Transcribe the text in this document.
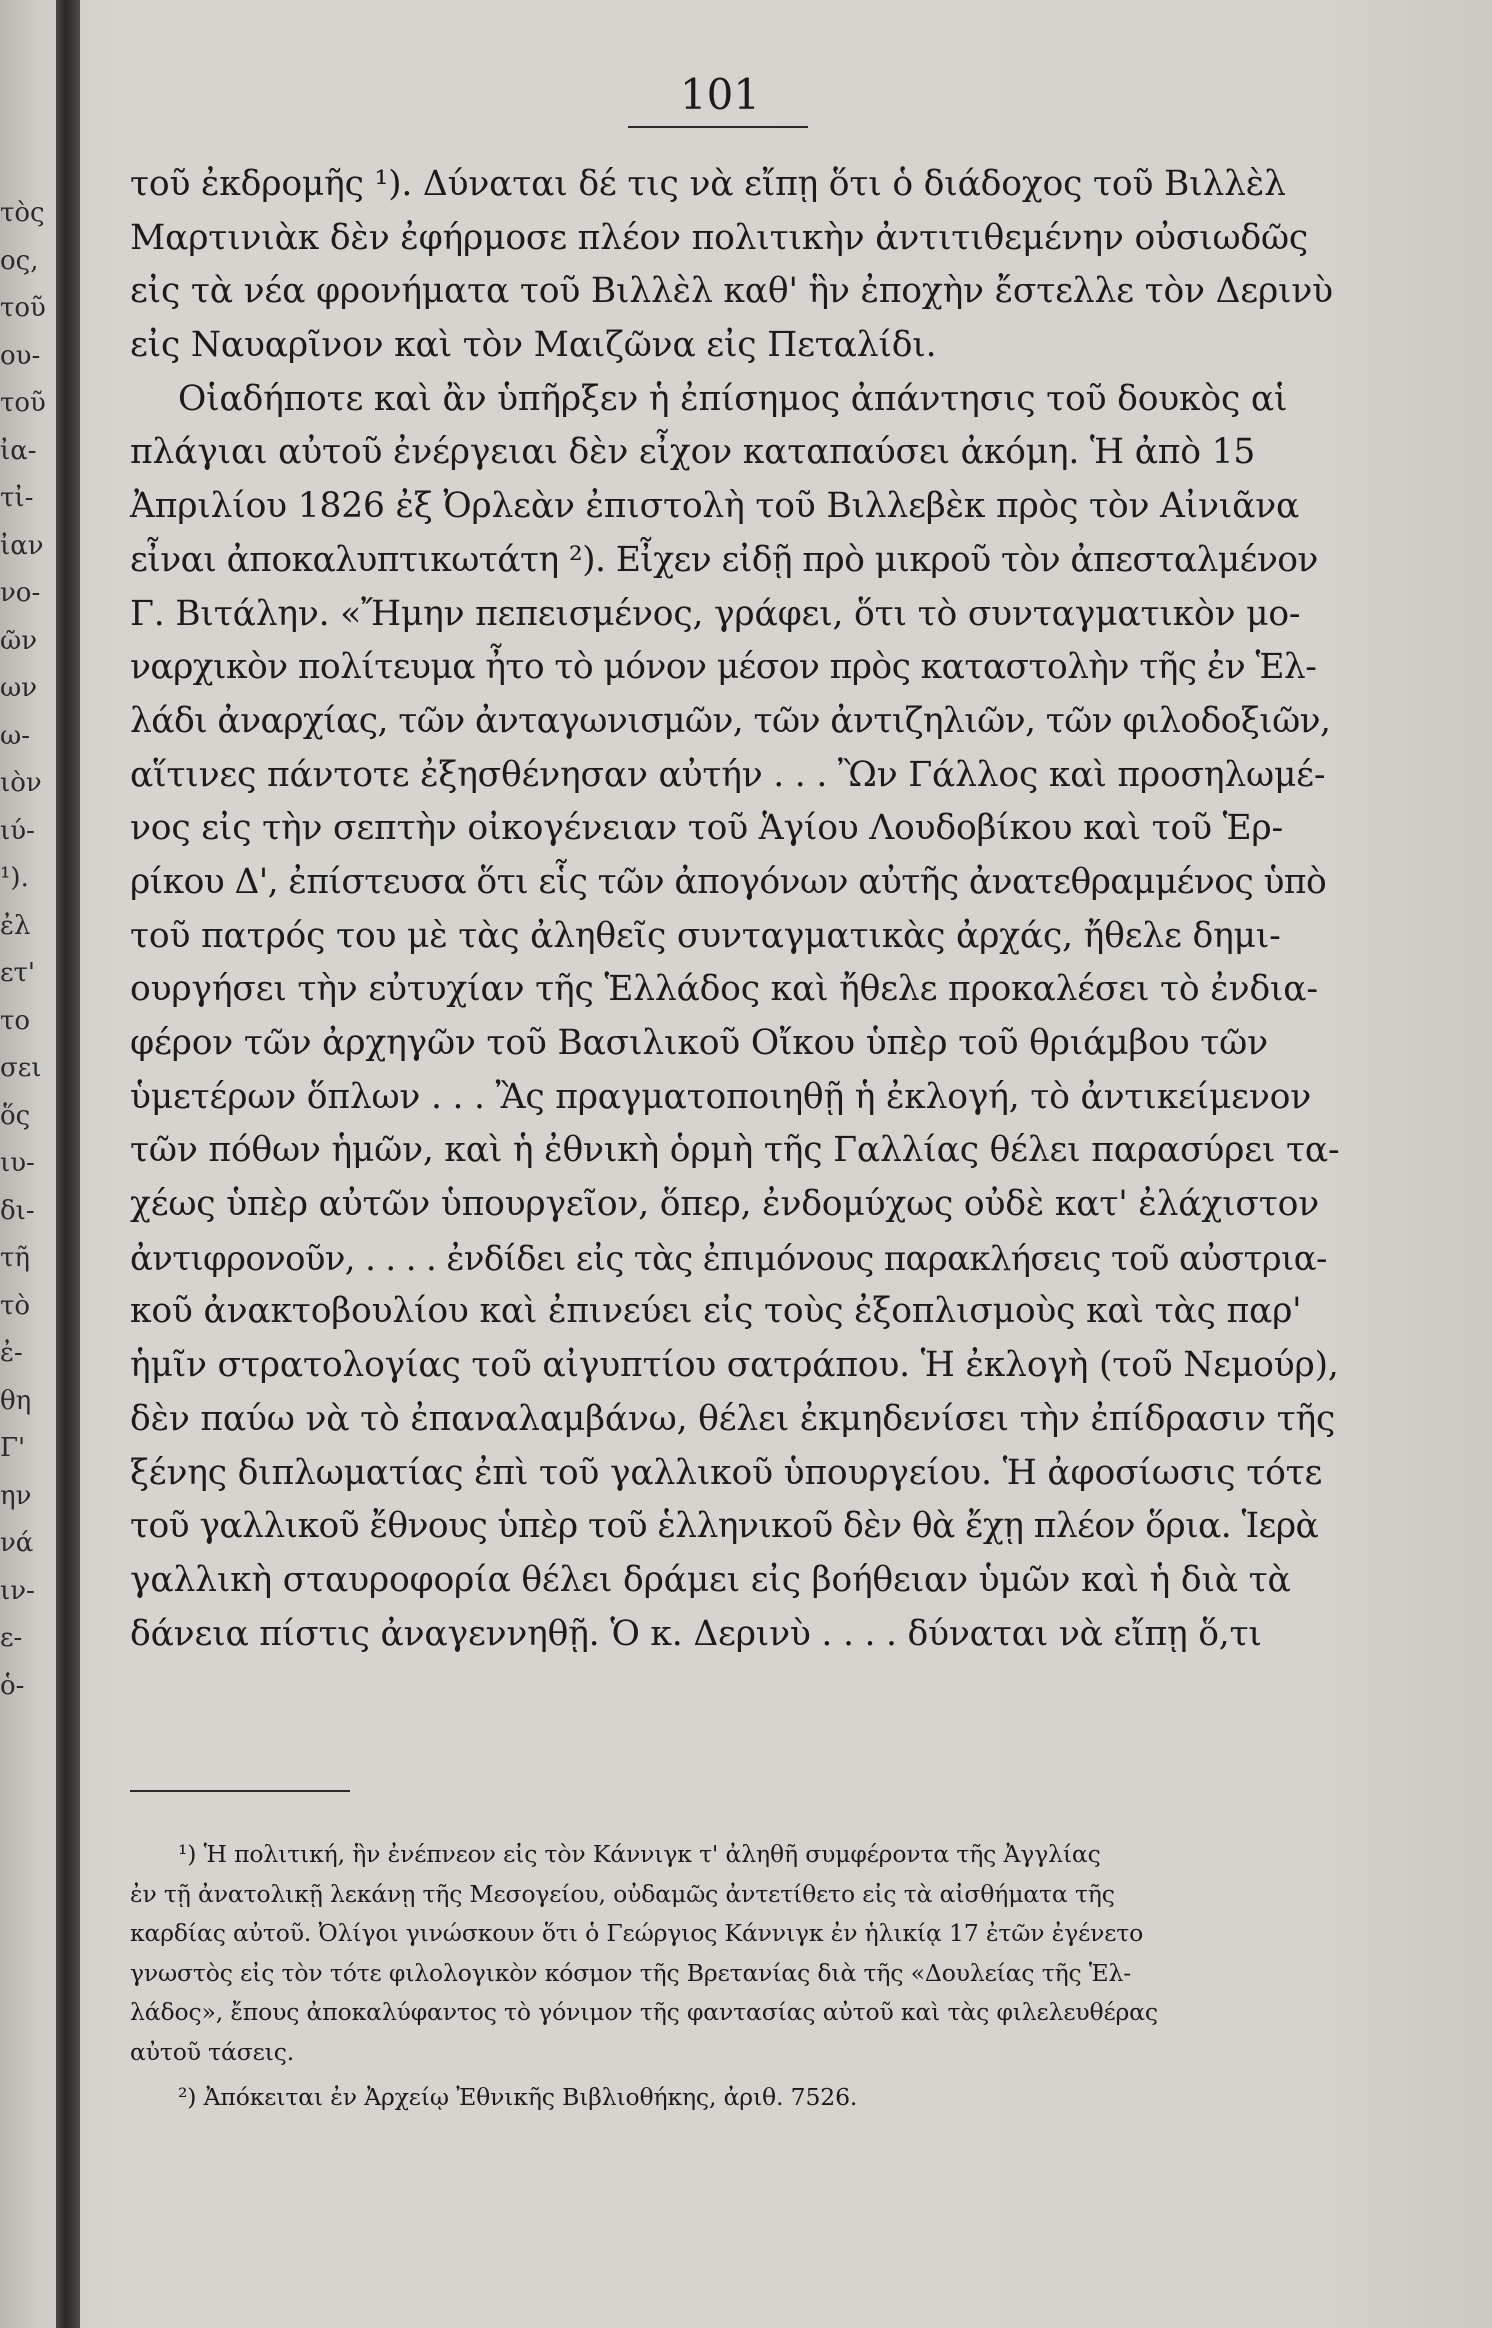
τὸς
ος,
τοῦ
ου-
τοῦ
ἰα-
τἰ-
ἰαν
νο-
ῶν
ων
ω-
ιὸν
ιύ-
¹).
ἐλ
ετ'
το
σει
ὅς
ιυ-
δι-
τῆ
τὸ
ἐ-
θη
Γ'
ην
νά
ιν-
ε-
ὁ-
101
τοῦ ἐκδρομῆς ¹). Δύναται δέ τις νὰ εἴπῃ ὅτι ὁ διάδοχος τοῦ Βιλλὲλ
Μαρτινιὰκ δὲν ἐφήρμοσε πλέον πολιτικὴν ἀντιτιθεμένην οὐσιωδῶς
εἰς τὰ νέα φρονήματα τοῦ Βιλλὲλ καθ' ἣν ἐποχὴν ἔστελλε τὸν Δερινὺ
εἰς Ναυαρῖνον καὶ τὸν Μαιζῶνα εἰς Πεταλίδι.
Οἱαδήποτε καὶ ἂν ὑπῆρξεν ἡ ἐπίσημος ἀπάντησις τοῦ δουκὸς αἱ
πλάγιαι αὐτοῦ ἐνέργειαι δὲν εἶχον καταπαύσει ἀκόμη. Ἡ ἀπὸ 15
Ἀπριλίου 1826 ἐξ Ὀρλεὰν ἐπιστολὴ τοῦ Βιλλεβὲκ πρὸς τὸν Αἰνιᾶνα
εἶναι ἀποκαλυπτικωτάτη ²). Εἶχεν εἰδῇ πρὸ μικροῦ τὸν ἀπεσταλμένον
Γ. Βιτάλην. «Ἤμην πεπεισμένος, γράφει, ὅτι τὸ συνταγματικὸν μο-
ναρχικὸν πολίτευμα ἦτο τὸ μόνον μέσον πρὸς καταστολὴν τῆς ἐν Ἑλ-
λάδι ἀναρχίας, τῶν ἀνταγωνισμῶν, τῶν ἀντιζηλιῶν, τῶν φιλοδοξιῶν,
αἵτινες πάντοτε ἐξησθένησαν αὐτήν . . . Ὢν Γάλλος καὶ προσηλωμέ-
νος εἰς τὴν σεπτὴν οἰκογένειαν τοῦ Ἁγίου Λουδοβίκου καὶ τοῦ Ἑρ-
ρίκου Δ', ἐπίστευσα ὅτι εἷς τῶν ἀπογόνων αὐτῆς ἀνατεθραμμένος ὑπὸ
τοῦ πατρός του μὲ τὰς ἀληθεῖς συνταγματικὰς ἀρχάς, ἤθελε δημι-
ουργήσει τὴν εὐτυχίαν τῆς Ἑλλάδος καὶ ἤθελε προκαλέσει τὸ ἐνδια-
φέρον τῶν ἀρχηγῶν τοῦ Βασιλικοῦ Οἴκου ὑπὲρ τοῦ θριάμβου τῶν
ὑμετέρων ὅπλων . . . Ἂς πραγματοποιηθῇ ἡ ἐκλογή, τὸ ἀντικείμενον
τῶν πόθων ἡμῶν, καὶ ἡ ἐθνικὴ ὁρμὴ τῆς Γαλλίας θέλει παρασύρει τα-
χέως ὑπὲρ αὐτῶν ὑπουργεῖον, ὅπερ, ἐνδομύχως οὐδὲ κατ' ἐλάχιστον
ἀντιφρονοῦν, . . . . ἐνδίδει εἰς τὰς ἐπιμόνους παρακλήσεις τοῦ αὐστρια-
κοῦ ἀνακτοβουλίου καὶ ἐπινεύει εἰς τοὺς ἐξοπλισμοὺς καὶ τὰς παρ'
ἡμῖν στρατολογίας τοῦ αἰγυπτίου σατράπου. Ἡ ἐκλογὴ (τοῦ Νεμούρ),
δὲν παύω νὰ τὸ ἐπαναλαμβάνω, θέλει ἐκμηδενίσει τὴν ἐπίδρασιν τῆς
ξένης διπλωματίας ἐπὶ τοῦ γαλλικοῦ ὑπουργείου. Ἡ ἀφοσίωσις τότε
τοῦ γαλλικοῦ ἔθνους ὑπὲρ τοῦ ἑλληνικοῦ δὲν θὰ ἔχῃ πλέον ὅρια. Ἱερὰ
γαλλικὴ σταυροφορία θέλει δράμει εἰς βοήθειαν ὑμῶν καὶ ἡ διὰ τὰ
δάνεια πίστις ἀναγεννηθῇ. Ὁ κ. Δερινὺ . . . . δύναται νὰ εἴπῃ ὅ,τι
¹) Ἡ πολιτική, ἣν ἐνέπνεον εἰς τὸν Κάννιγκ τ' ἀληθῆ συμφέροντα τῆς Ἀγγλίας
ἐν τῇ ἀνατολικῇ λεκάνῃ τῆς Μεσογείου, οὐδαμῶς ἀντετίθετο εἰς τὰ αἰσθήματα τῆς
καρδίας αὐτοῦ. Ὀλίγοι γινώσκουν ὅτι ὁ Γεώργιος Κάννιγκ ἐν ἡλικίᾳ 17 ἐτῶν ἐγένετο
γνωστὸς εἰς τὸν τότε φιλολογικὸν κόσμον τῆς Βρετανίας διὰ τῆς «Δουλείας τῆς Ἑλ-
λάδος», ἔπους ἀποκαλύφαντος τὸ γόνιμον τῆς φαντασίας αὐτοῦ καὶ τὰς φιλελευθέρας
αὐτοῦ τάσεις.
²) Ἀπόκειται ἐν Ἀρχείῳ Ἐθνικῆς Βιβλιοθήκης, ἀριθ. 7526.
